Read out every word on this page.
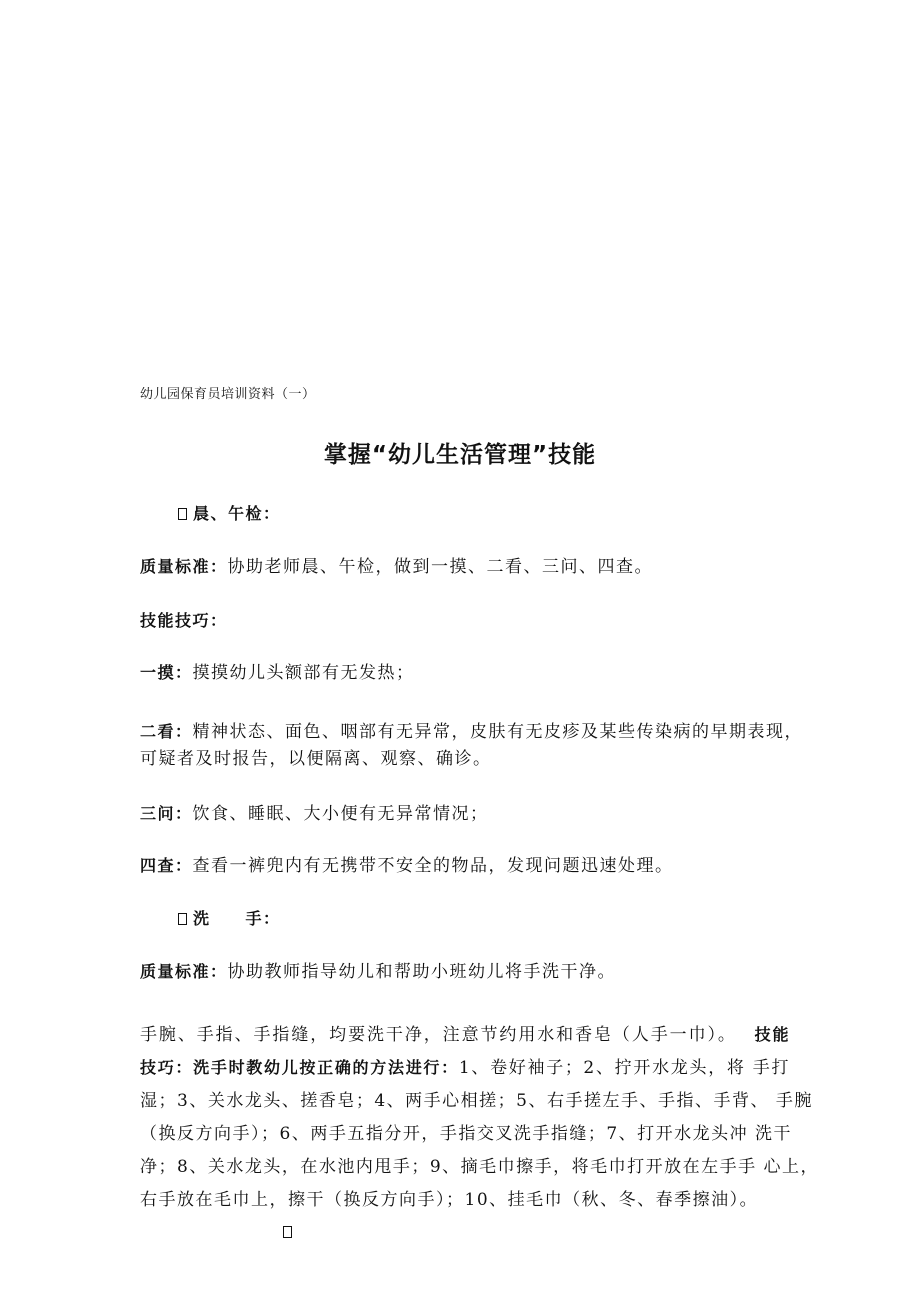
幼儿园保育员培训资料（一）
掌握“幼儿生活管理”技能
晨、午检：
质量标准：协助老师晨、午检，做到一摸、二看、三问、四查。
技能技巧：
一摸：摸摸幼儿头额部有无发热；
二看：精神状态、面色、咽部有无异常，皮肤有无皮疹及某些传染病的早期表现，
可疑者及时报告，以便隔离、观察、确诊。
三问：饮食、睡眠、大小便有无异常情况；
四查：查看一裤兜内有无携带不安全的物品，发现问题迅速处理。
洗　　手：
质量标准：协助教师指导幼儿和帮助小班幼儿将手洗干净。
手腕、手指、手指缝，均要洗干净，注意节约用水和香皂（人手一巾）。　 技能
技巧：洗手时教幼儿按正确的方法进行：1、卷好袖子；2、拧开水龙头，将 手打
湿；3、关水龙头、搓香皂；4、两手心相搓；5、右手搓左手、手指、手背、 手腕
（换反方向手）；6、两手五指分开，手指交叉洗手指缝；7、打开水龙头冲 洗干
净；8、关水龙头，在水池内甩手；9、摘毛巾擦手，将毛巾打开放在左手手 心上，
右手放在毛巾上，擦干（换反方向手）；10、挂毛巾（秋、冬、春季擦油）。
